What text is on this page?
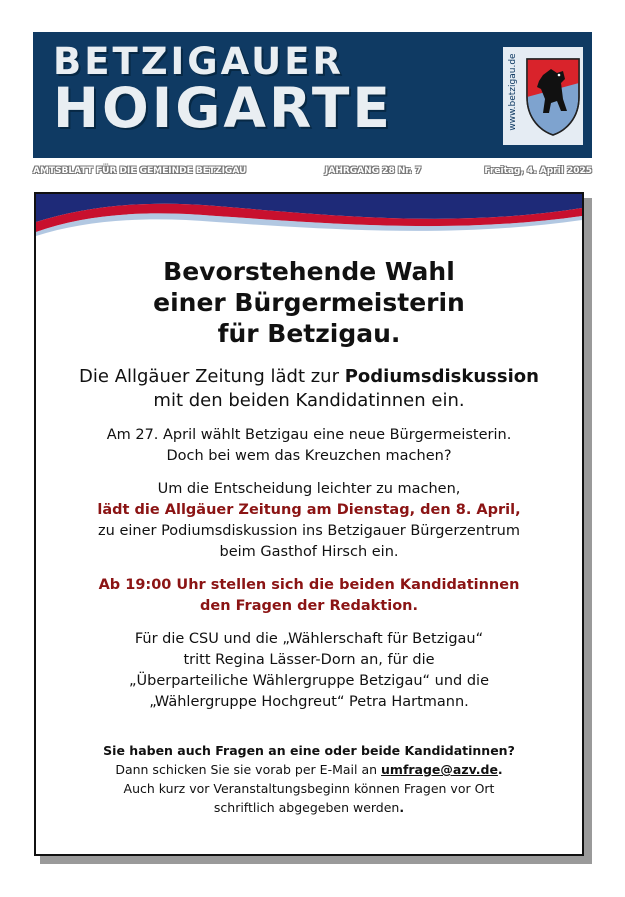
BETZIGAUER
HOIGARTE	www.betzigau.de
AMTSBLATT FÜR DIE GEMEINDE BETZIGAU	JAHRGANG 28 Nr. 7	Freitag, 4. April 2025
Bevorstehende Wahl
einer Bürgermeisterin
für Betzigau.

Die Allgäuer Zeitung lädt zur Podiumsdiskussion
mit den beiden Kandidatinnen ein.

Am 27. April wählt Betzigau eine neue Bürgermeisterin.
Doch bei wem das Kreuzchen machen?

Um die Entscheidung leichter zu machen,
lädt die Allgäuer Zeitung am Dienstag, den 8. April,
zu einer Podiumsdiskussion ins Betzigauer Bürgerzentrum
beim Gasthof Hirsch ein.

Ab 19:00 Uhr stellen sich die beiden Kandidatinnen
den Fragen der Redaktion.

Für die CSU und die „Wählerschaft für Betzigau“
tritt Regina Lässer-Dorn an, für die
„Überparteiliche Wählergruppe Betzigau“ und die
„Wählergruppe Hochgreut“ Petra Hartmann.

Sie haben auch Fragen an eine oder beide Kandidatinnen?

Dann schicken Sie sie vorab per E-Mail an umfrage@azv.de.
Auch kurz vor Veranstaltungsbeginn können Fragen vor Ort
schriftlich abgegeben werden.
